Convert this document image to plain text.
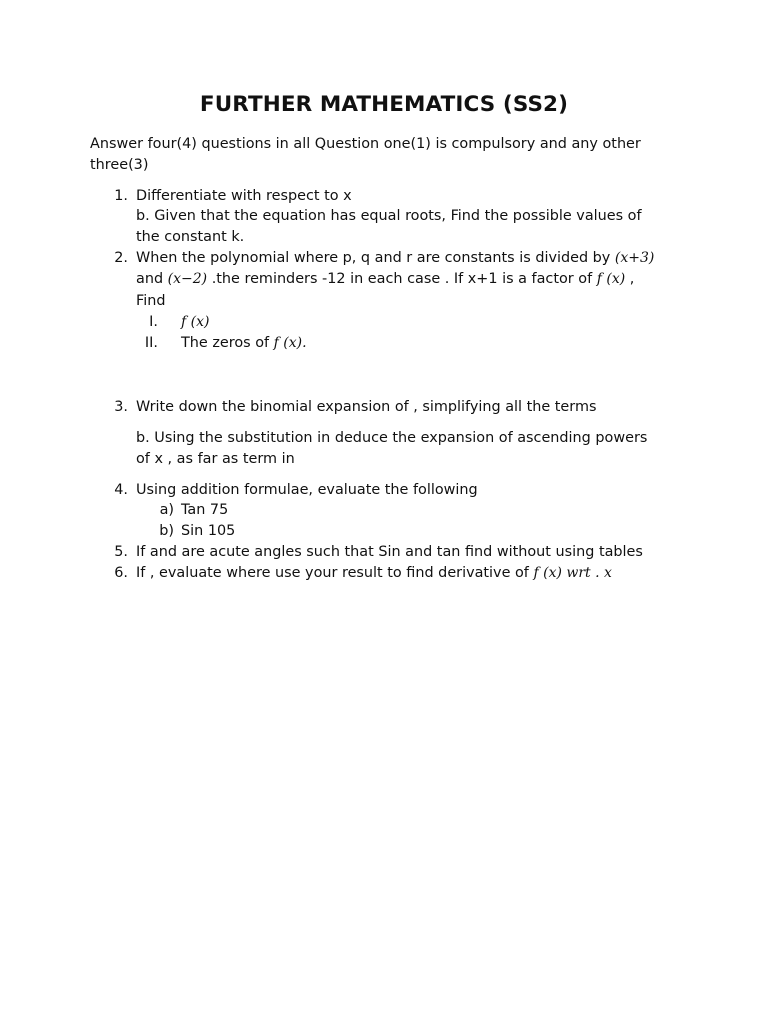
FURTHER MATHEMATICS (SS2)
Answer four(4) questions in all Question one(1) is compulsory and any other
three(3)
1. Differentiate with respect to x
b. Given that the equation has equal roots, Find the possible values of
the constant k.
2. When the polynomial where p, q and r are constants is divided by (x+3)
and (x−2) .the reminders -12 in each case . If x+1 is a factor of f (x) ,
Find
I. f (x)
II. The zeros of f (x).
3. Write down the binomial expansion of , simplifying all the terms
b. Using the substitution in deduce the expansion of ascending powers
of x , as far as term in
4. Using addition formulae, evaluate the following
a) Tan 75
b) Sin 105
5. If and are acute angles such that Sin and tan find without using tables
6. If , evaluate where use your result to find derivative of f (x) wrt . x
